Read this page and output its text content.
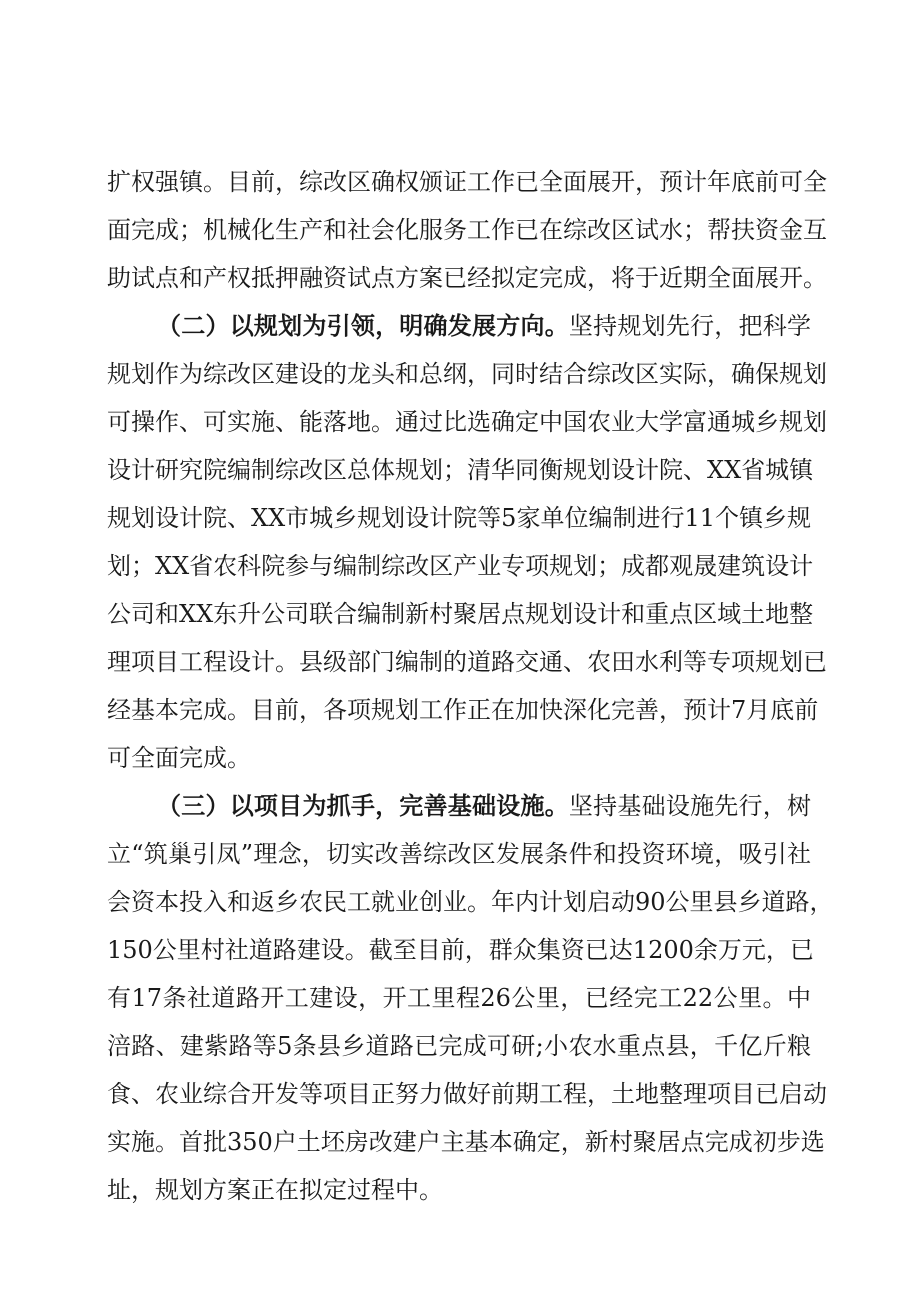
扩权强镇。目前，综改区确权颁证工作已全面展开，预计年底前可全
面完成；机械化生产和社会化服务工作已在综改区试水；帮扶资金互
助试点和产权抵押融资试点方案已经拟定完成，将于近期全面展开。
（二）以规划为引领，明确发展方向。坚持规划先行，把科学
规划作为综改区建设的龙头和总纲，同时结合综改区实际，确保规划
可操作、可实施、能落地。通过比选确定中国农业大学富通城乡规划
设计研究院编制综改区总体规划；清华同衡规划设计院、XX省城镇
规划设计院、XX市城乡规划设计院等5家单位编制进行11个镇乡规
划；XX省农科院参与编制综改区产业专项规划；成都观晟建筑设计
公司和XX东升公司联合编制新村聚居点规划设计和重点区域土地整
理项目工程设计。县级部门编制的道路交通、农田水利等专项规划已
经基本完成。目前，各项规划工作正在加快深化完善，预计7月底前
可全面完成。
（三）以项目为抓手，完善基础设施。坚持基础设施先行，树
立“筑巢引凤”理念，切实改善综改区发展条件和投资环境，吸引社
会资本投入和返乡农民工就业创业。年内计划启动90公里县乡道路，
150公里村社道路建设。截至目前，群众集资已达1200余万元，已
有17条社道路开工建设，开工里程26公里，已经完工22公里。中
涪路、建紫路等5条县乡道路已完成可研;小农水重点县，千亿斤粮
食、农业综合开发等项目正努力做好前期工程，土地整理项目已启动
实施。首批350户土坯房改建户主基本确定，新村聚居点完成初步选
址，规划方案正在拟定过程中。
